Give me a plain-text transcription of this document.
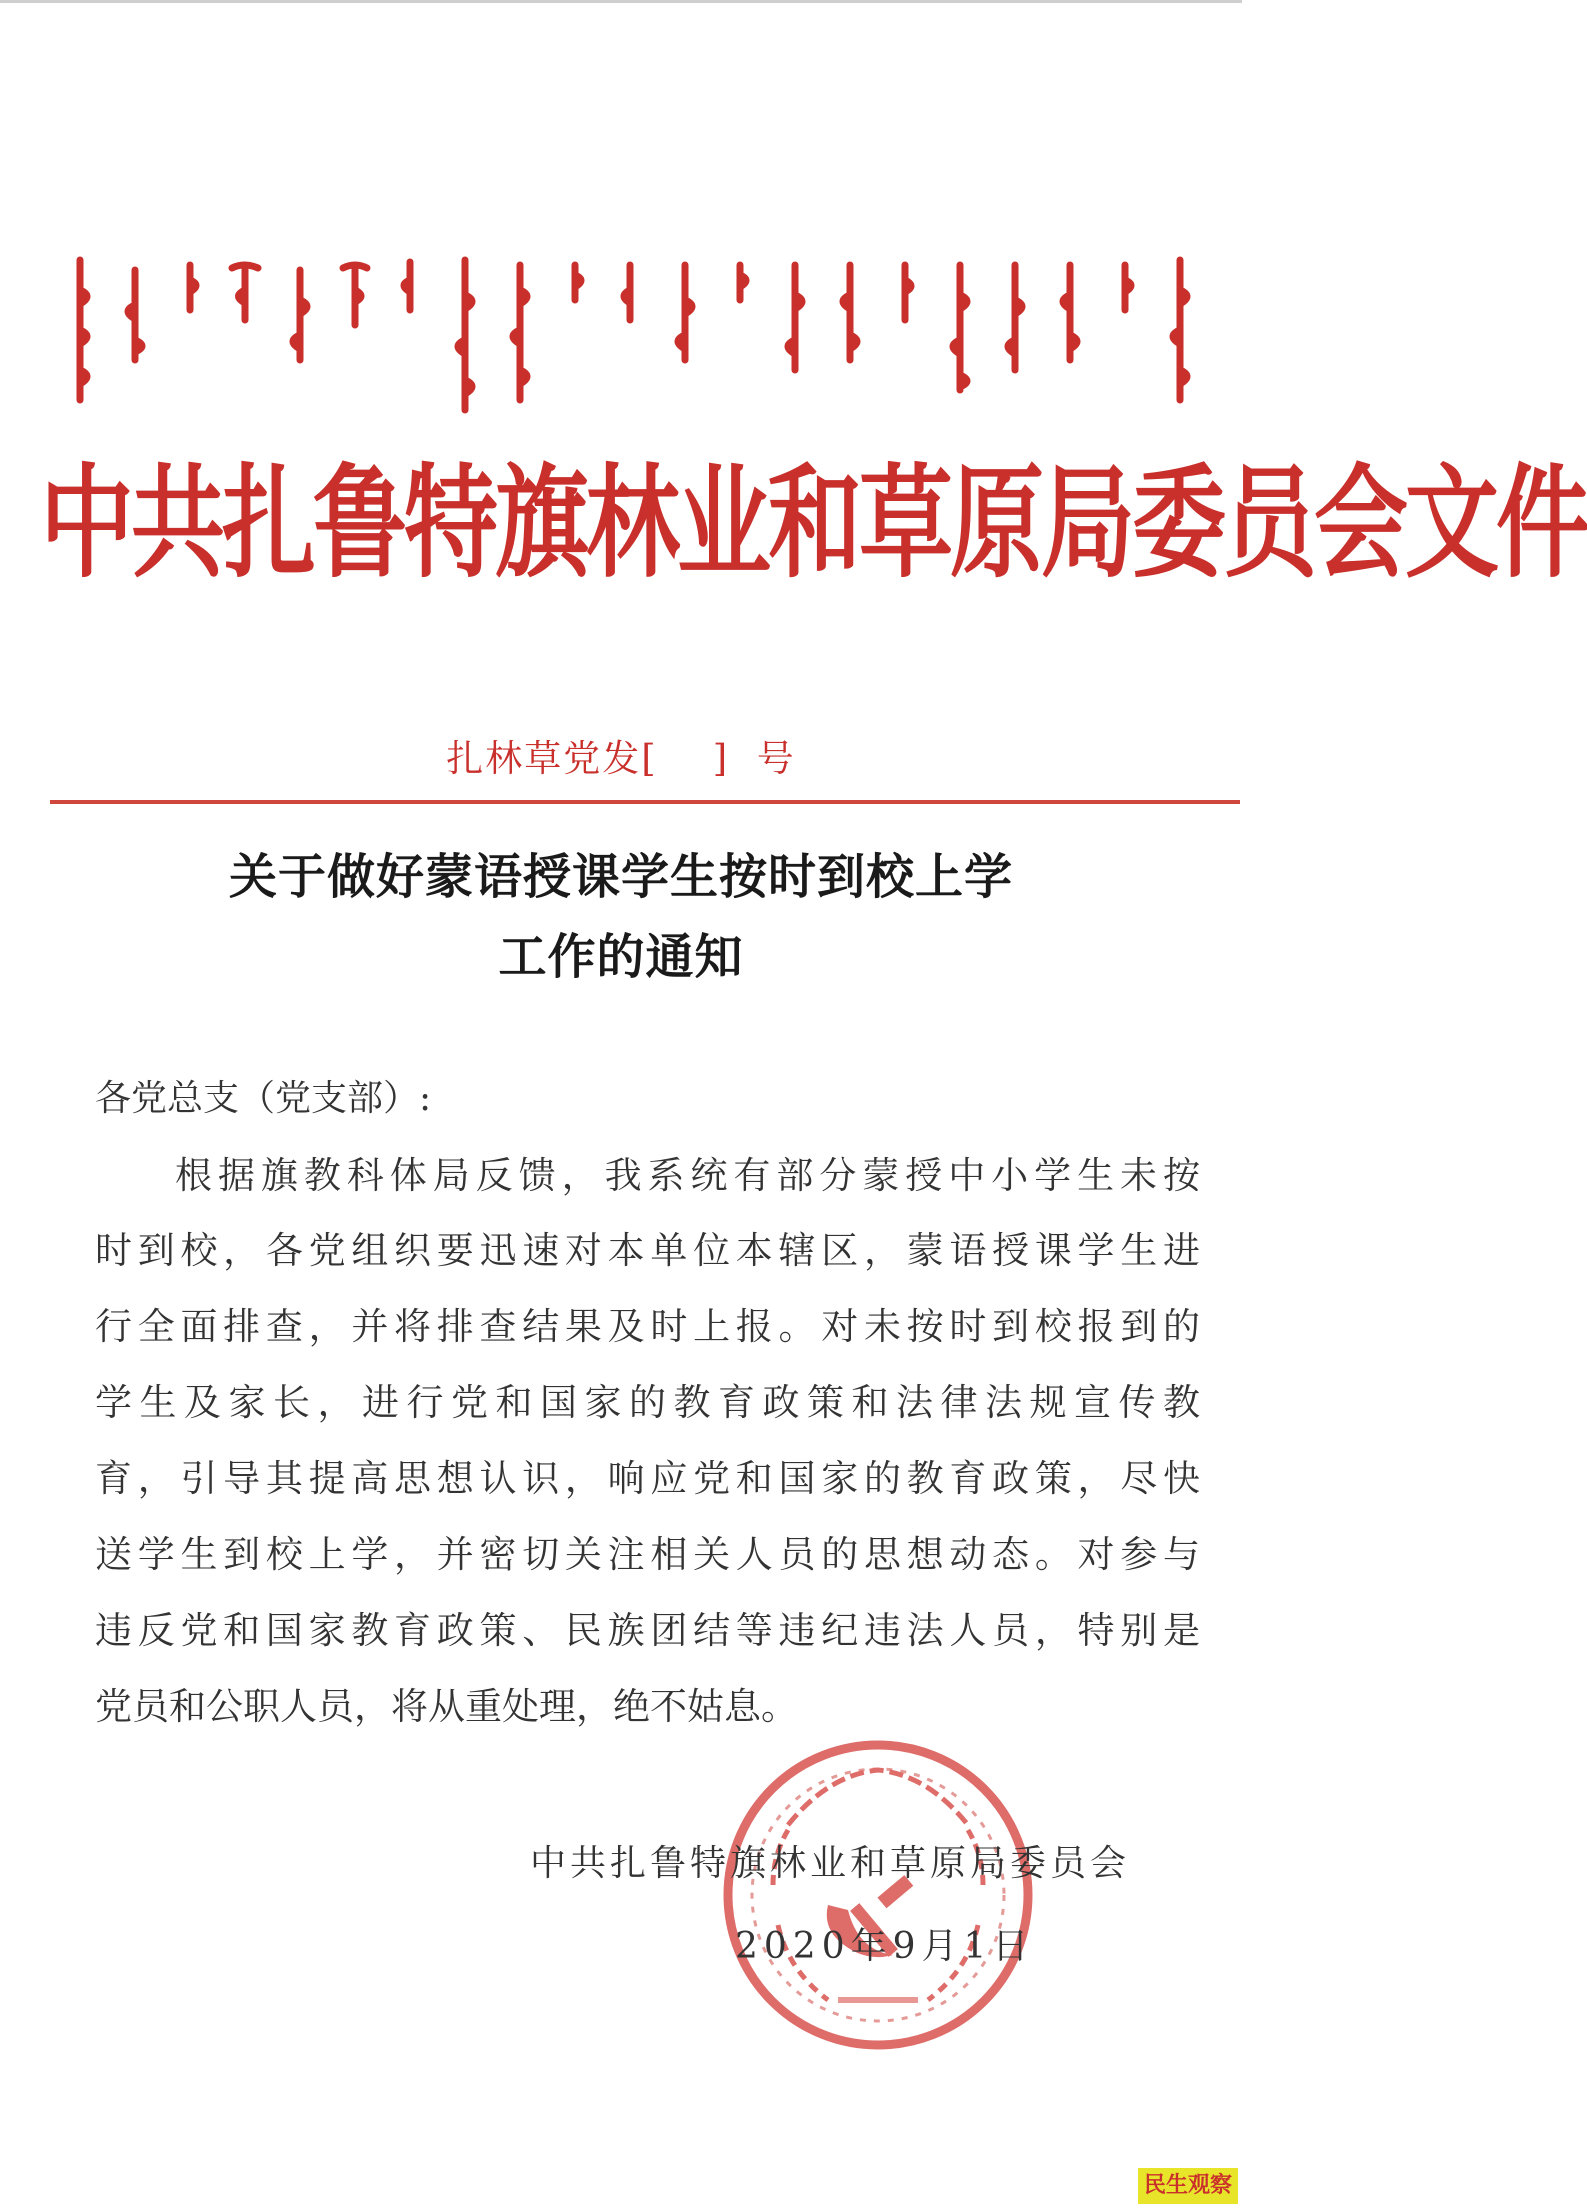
中共扎鲁特旗林业和草原局委员会文件
扎林草党发[    ]  号
关于做好蒙语授课学生按时到校上学
工作的通知
各党总支（党支部）:
根据旗教科体局反馈，我系统有部分蒙授中小学生未按
时到校，各党组织要迅速对本单位本辖区，蒙语授课学生进
行全面排查，并将排查结果及时上报。对未按时到校报到的
学生及家长，进行党和国家的教育政策和法律法规宣传教
育，引导其提高思想认识，响应党和国家的教育政策，尽快
送学生到校上学，并密切关注相关人员的思想动态。对参与
违反党和国家教育政策、民族团结等违纪违法人员，特别是
党员和公职人员，将从重处理，绝不姑息。
中共扎鲁特旗林业和草原局委员会
2020年9月1日
民生观察
